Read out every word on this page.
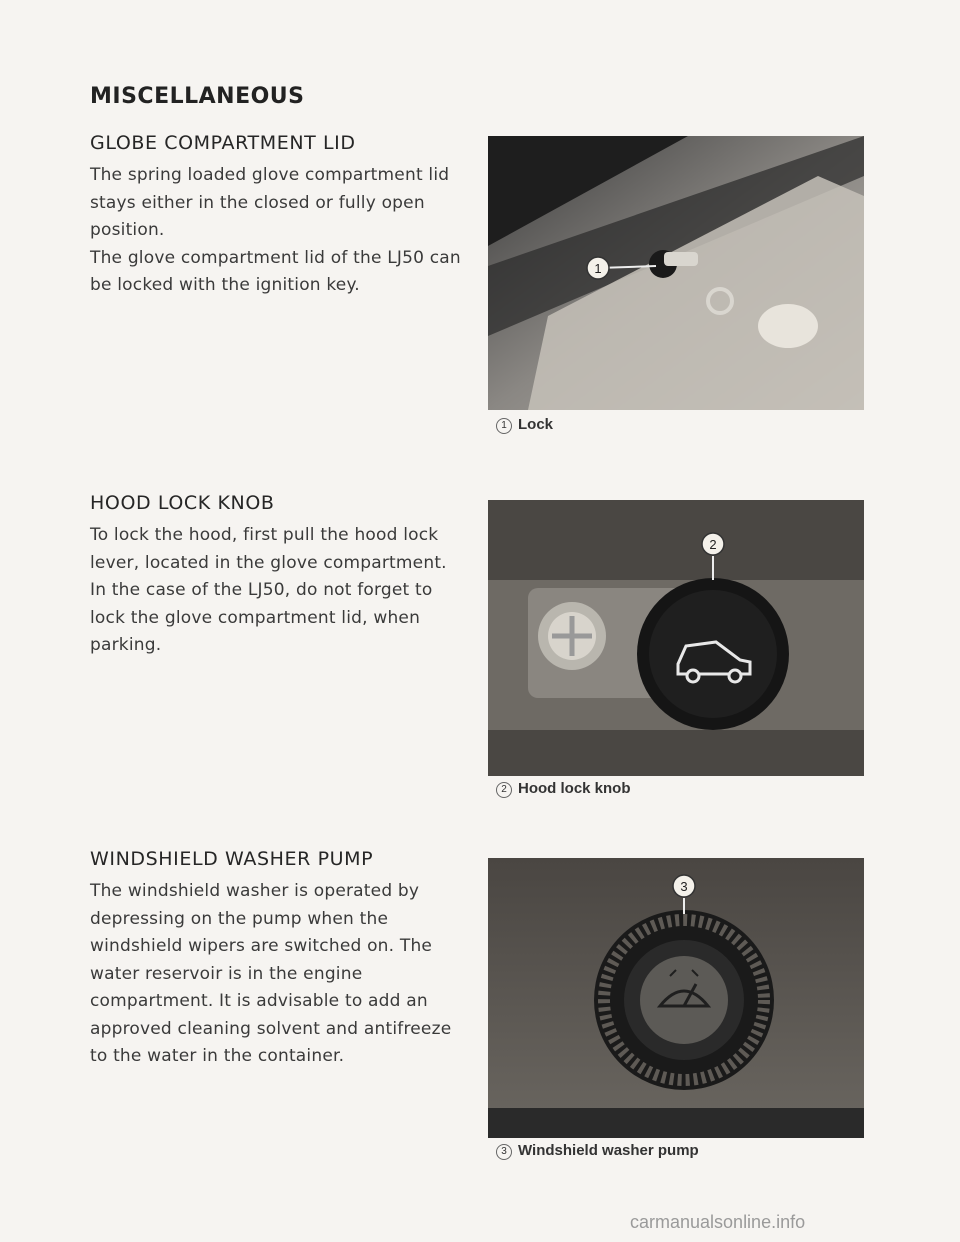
MISCELLANEOUS
GLOBE COMPARTMENT LID

The spring loaded glove compartment lid stays either in the closed or fully open position.

The glove compartment lid of the LJ50 can be locked with the ignition key.

HOOD LOCK KNOB

To lock the hood, first pull the hood lock lever, located in the glove compartment.

In the case of the LJ50, do not forget to lock the glove compartment lid, when parking.

WINDSHIELD WASHER PUMP

The windshield washer is operated by depressing on the pump when the windshield wipers are switched on. The water reservoir is in the engine compartment. It is advisable to add an approved cleaning solvent and antifreeze to the water in the container.

1
1 Lock
2
2 Hood lock knob
3
3 Windshield washer pump
carmanualsonline.info
